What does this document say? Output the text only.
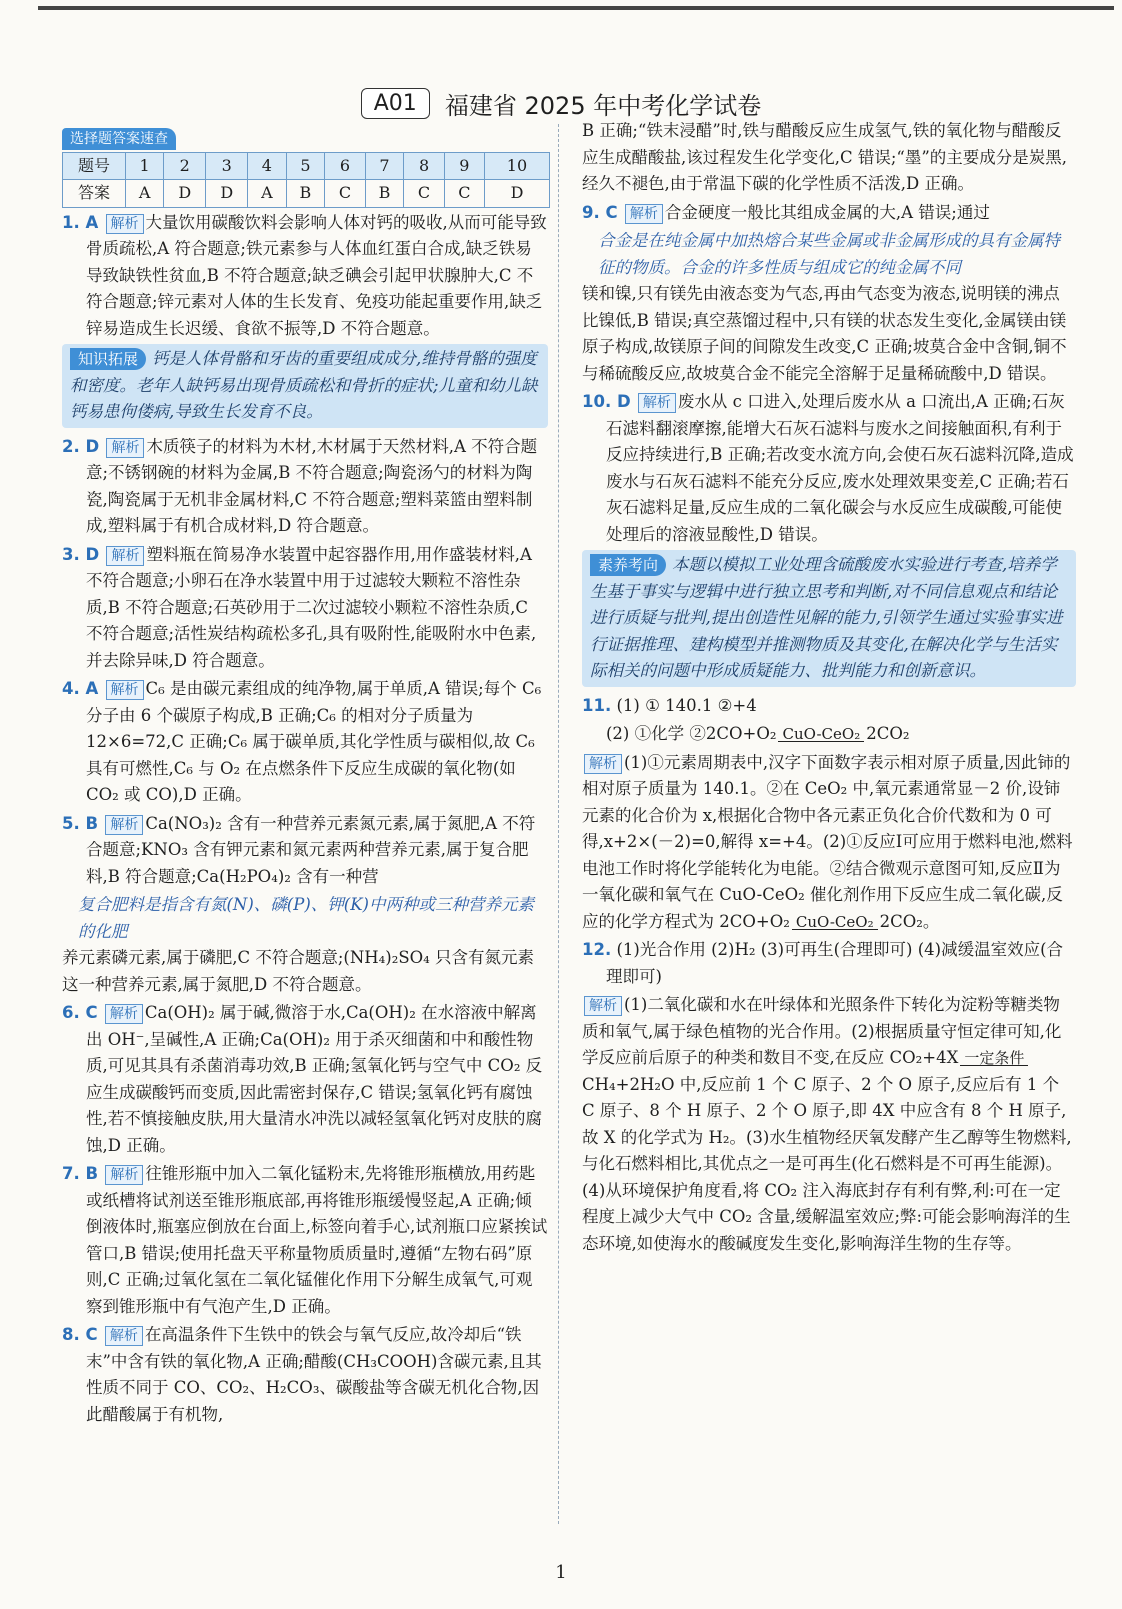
A01 福建省 2025 年中考化学试卷
选择题答案速查
题号	1	2	3	4	5	6	7	8	9	10
答案	A	D	D	A	B	C	B	C	C	D

1. A 解析 大量饮用碳酸饮料会影响人体对钙的吸收,从而可能导致骨质疏松,A 符合题意;铁元素参与人体血红蛋白合成,缺乏铁易导致缺铁性贫血,B 不符合题意;缺乏碘会引起甲状腺肿大,C 不符合题意;锌元素对人体的生长发育、免疫功能起重要作用,缺乏锌易造成生长迟缓、食欲不振等,D 不符合题意。

知识拓展 钙是人体骨骼和牙齿的重要组成成分,维持骨骼的强度和密度。老年人缺钙易出现骨质疏松和骨折的症状;儿童和幼儿缺钙易患佝偻病,导致生长发育不良。

2. D 解析 木质筷子的材料为木材,木材属于天然材料,A 不符合题意;不锈钢碗的材料为金属,B 不符合题意;陶瓷汤勺的材料为陶瓷,陶瓷属于无机非金属材料,C 不符合题意;塑料菜篮由塑料制成,塑料属于有机合成材料,D 符合题意。

3. D 解析 塑料瓶在简易净水装置中起容器作用,用作盛装材料,A 不符合题意;小卵石在净水装置中用于过滤较大颗粒不溶性杂质,B 不符合题意;石英砂用于二次过滤较小颗粒不溶性杂质,C 不符合题意;活性炭结构疏松多孔,具有吸附性,能吸附水中色素,并去除异味,D 符合题意。

4. A 解析 C₆ 是由碳元素组成的纯净物,属于单质,A 错误;每个 C₆ 分子由 6 个碳原子构成,B 正确;C₆ 的相对分子质量为 12×6=72,C 正确;C₆ 属于碳单质,其化学性质与碳相似,故 C₆ 具有可燃性,C₆ 与 O₂ 在点燃条件下反应生成碳的氧化物(如 CO₂ 或 CO),D 正确。

5. B 解析 Ca(NO₃)₂ 含有一种营养元素氮元素,属于氮肥,A 不符合题意;KNO₃ 含有钾元素和氮元素两种营养元素,属于复合肥料,B 符合题意;Ca(H₂PO₄)₂ 含有一种营

复合肥料是指含有氮(N)、磷(P)、钾(K)中两种或三种营养元素的化肥

养元素磷元素,属于磷肥,C 不符合题意;(NH₄)₂SO₄ 只含有氮元素这一种营养元素,属于氮肥,D 不符合题意。

6. C 解析 Ca(OH)₂ 属于碱,微溶于水,Ca(OH)₂ 在水溶液中解离出 OH⁻,呈碱性,A 正确;Ca(OH)₂ 用于杀灭细菌和中和酸性物质,可见其具有杀菌消毒功效,B 正确;氢氧化钙与空气中 CO₂ 反应生成碳酸钙而变质,因此需密封保存,C 错误;氢氧化钙有腐蚀性,若不慎接触皮肤,用大量清水冲洗以减轻氢氧化钙对皮肤的腐蚀,D 正确。

7. B 解析 往锥形瓶中加入二氧化锰粉末,先将锥形瓶横放,用药匙或纸槽将试剂送至锥形瓶底部,再将锥形瓶缓慢竖起,A 正确;倾倒液体时,瓶塞应倒放在台面上,标签向着手心,试剂瓶口应紧挨试管口,B 错误;使用托盘天平称量物质质量时,遵循“左物右码”原则,C 正确;过氧化氢在二氧化锰催化作用下分解生成氧气,可观察到锥形瓶中有气泡产生,D 正确。

8. C 解析 在高温条件下生铁中的铁会与氧气反应,故冷却后“铁末”中含有铁的氧化物,A 正确;醋酸(CH₃COOH)含碳元素,且其性质不同于 CO、CO₂、H₂CO₃、碳酸盐等含碳无机化合物,因此醋酸属于有机物,

B 正确;“铁末浸醋”时,铁与醋酸反应生成氢气,铁的氧化物与醋酸反应生成醋酸盐,该过程发生化学变化,C 错误;“墨”的主要成分是炭黑,经久不褪色,由于常温下碳的化学性质不活泼,D 正确。

9. C 解析 合金硬度一般比其组成金属的大,A 错误;通过

合金是在纯金属中加热熔合某些金属或非金属形成的具有金属特征的物质。合金的许多性质与组成它的纯金属不同

镁和镍,只有镁先由液态变为气态,再由气态变为液态,说明镁的沸点比镍低,B 错误;真空蒸馏过程中,只有镁的状态发生变化,金属镁由镁原子构成,故镁原子间的间隙发生改变,C 正确;坡莫合金中含铜,铜不与稀硫酸反应,故坡莫合金不能完全溶解于足量稀硫酸中,D 错误。

10. D 解析 废水从 c 口进入,处理后废水从 a 口流出,A 正确;石灰石滤料翻滚摩擦,能增大石灰石滤料与废水之间接触面积,有利于反应持续进行,B 正确;若改变水流方向,会使石灰石滤料沉降,造成废水与石灰石滤料不能充分反应,废水处理效果变差,C 正确;若石灰石滤料足量,反应生成的二氧化碳会与水反应生成碳酸,可能使处理后的溶液显酸性,D 错误。

素养考向 本题以模拟工业处理含硫酸废水实验进行考查,培养学生基于事实与逻辑中进行独立思考和判断,对不同信息观点和结论进行质疑与批判,提出创造性见解的能力,引领学生通过实验事实进行证据推理、建构模型并推测物质及其变化,在解决化学与生活实际相关的问题中形成质疑能力、批判能力和创新意识。

11. (1) ① 140.1 ②+4

(2) ①化学 ②2CO+O₂ CuO-CeO₂ 2CO₂

解析 (1)①元素周期表中,汉字下面数字表示相对原子质量,因此铈的相对原子质量为 140.1。②在 CeO₂ 中,氧元素通常显－2 价,设铈元素的化合价为 x,根据化合物中各元素正负化合价代数和为 0 可得,x+2×(－2)=0,解得 x=+4。(2)①反应Ⅰ可应用于燃料电池,燃料电池工作时将化学能转化为电能。②结合微观示意图可知,反应Ⅱ为一氧化碳和氧气在 CuO-CeO₂ 催化剂作用下反应生成二氧化碳,反应的化学方程式为 2CO+O₂ CuO-CeO₂ 2CO₂。

12. (1)光合作用 (2)H₂ (3)可再生(合理即可) (4)减缓温室效应(合理即可)

解析 (1)二氧化碳和水在叶绿体和光照条件下转化为淀粉等糖类物质和氧气,属于绿色植物的光合作用。(2)根据质量守恒定律可知,化学反应前后原子的种类和数目不变,在反应 CO₂+4X 一定条件CH₄+2H₂O 中,反应前 1 个 C 原子、2 个 O 原子,反应后有 1 个 C 原子、8 个 H 原子、2 个 O 原子,即 4X 中应含有 8 个 H 原子,故 X 的化学式为 H₂。(3)水生植物经厌氧发酵产生乙醇等生物燃料,与化石燃料相比,其优点之一是可再生(化石燃料是不可再生能源)。(4)从环境保护角度看,将 CO₂ 注入海底封存有利有弊,利:可在一定程度上减少大气中 CO₂ 含量,缓解温室效应;弊:可能会影响海洋的生态环境,如使海水的酸碱度发生变化,影响海洋生物的生存等。

1
